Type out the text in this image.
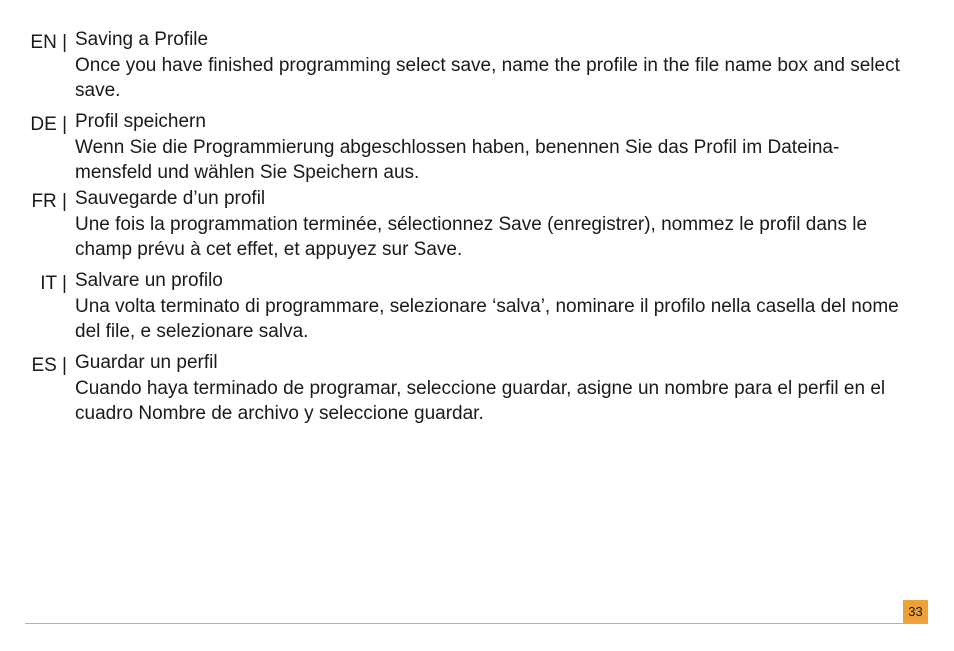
EN | Saving a Profile

Once you have finished programming select save, name the profile in the file name box and select save.

DE | Profil speichern

Wenn Sie die Programmierung abgeschlossen haben, benennen Sie das Profil im Dateina- mensfeld und wählen Sie Speichern aus.

FR | Sauvegarde d’un profil

Une fois la programmation terminée, sélectionnez Save (enregistrer), nommez le profil dans le champ prévu à cet effet, et appuyez sur Save.

IT | Salvare un profilo

Una volta terminato di programmare, selezionare ‘salva’, nominare il profilo nella casella del nome del file, e selezionare salva.

ES | Guardar un perfil

Cuando haya terminado de programar, seleccione guardar, asigne un nombre para el perfil en el cuadro Nombre de archivo y seleccione guardar.

33
